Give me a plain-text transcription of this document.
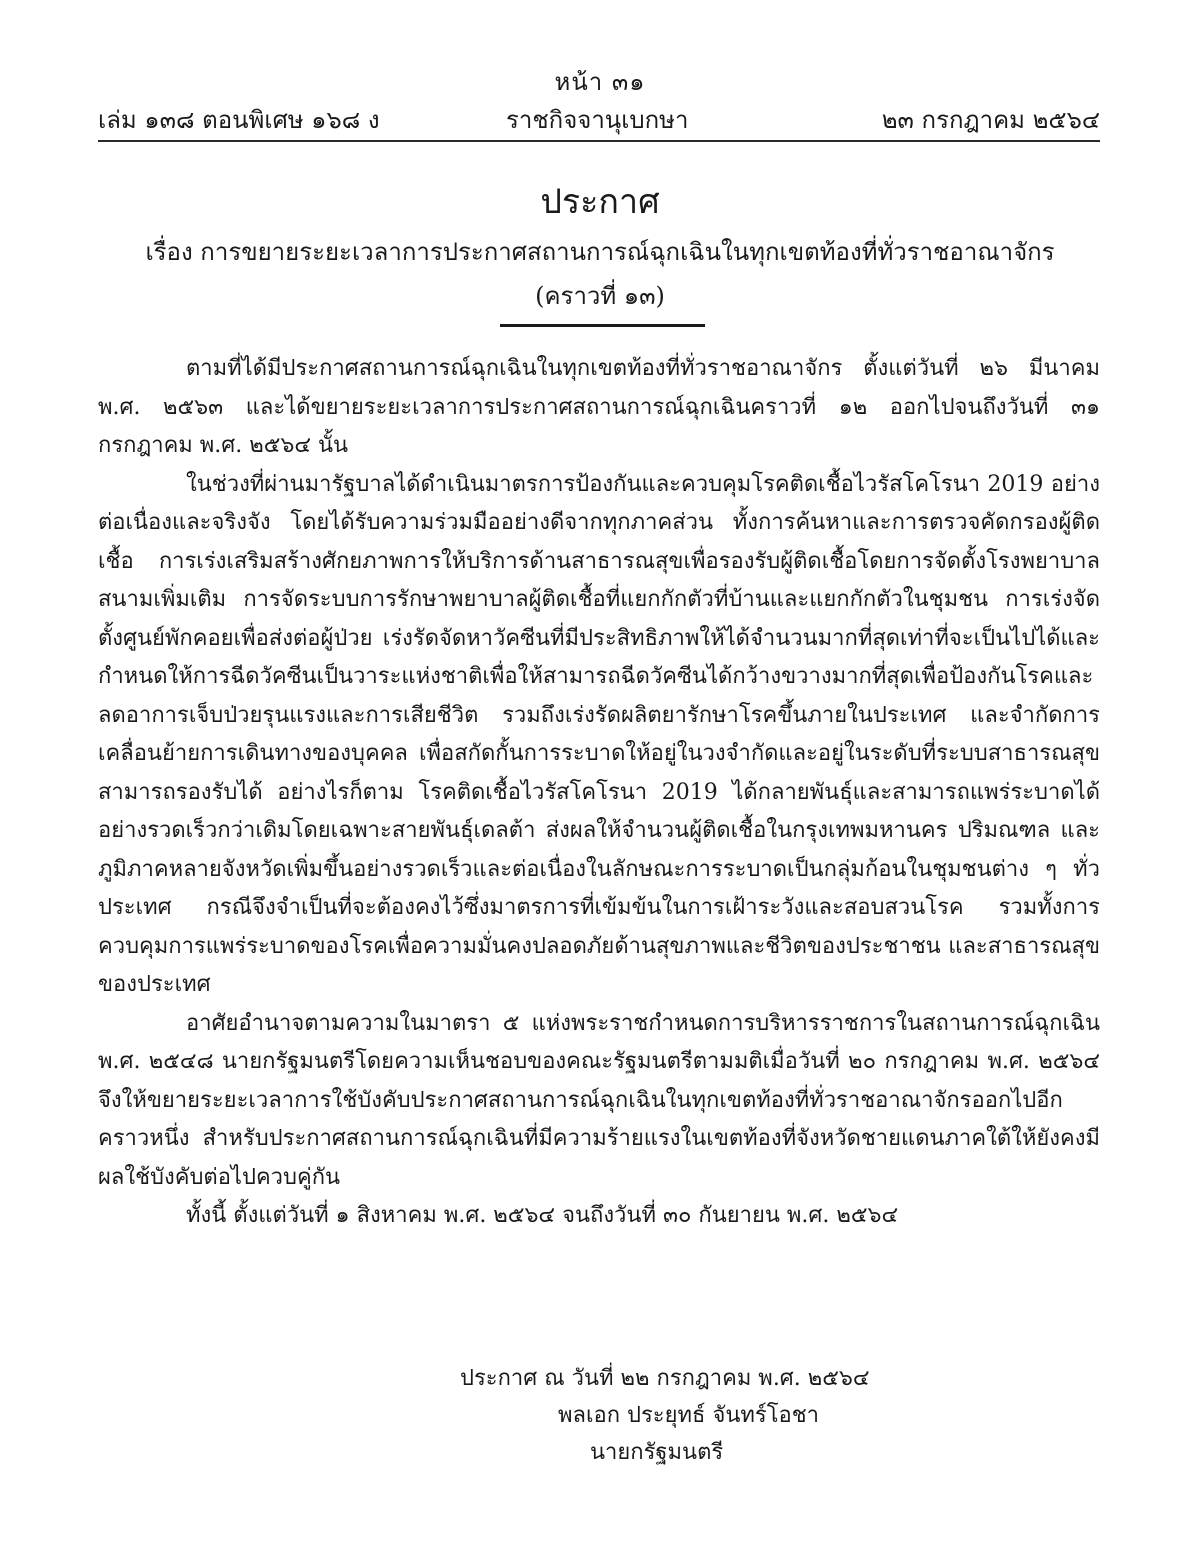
หน้า ๓๑
เล่ม ๑๓๘ ตอนพิเศษ ๑๖๘ ง	ราชกิจจานุเบกษา	๒๓ กรกฎาคม ๒๕๖๔
ประกาศ
เรื่อง การขยายระยะเวลาการประกาศสถานการณ์ฉุกเฉินในทุกเขตท้องที่ทั่วราชอาณาจักร
(คราวที่ ๑๓)

ตามที่ได้มีประกาศสถานการณ์ฉุกเฉินในทุกเขตท้องที่ทั่วราชอาณาจักร ตั้งแต่วันที่ ๒๖ มีนาคม พ.ศ. ๒๕๖๓ และได้ขยายระยะเวลาการประกาศสถานการณ์ฉุกเฉินคราวที่ ๑๒ ออกไปจนถึงวันที่ ๓๑ กรกฎาคม พ.ศ. ๒๕๖๔ นั้น

ในช่วงที่ผ่านมารัฐบาลได้ดำเนินมาตรการป้องกันและควบคุมโรคติดเชื้อไวรัสโคโรนา 2019 อย่างต่อเนื่องและจริงจัง โดยได้รับความร่วมมืออย่างดีจากทุกภาคส่วน ทั้งการค้นหาและการตรวจคัดกรองผู้ติดเชื้อ การเร่งเสริมสร้างศักยภาพการให้บริการด้านสาธารณสุขเพื่อรองรับผู้ติดเชื้อโดยการจัดตั้งโรงพยาบาลสนามเพิ่มเติม การจัดระบบการรักษาพยาบาลผู้ติดเชื้อที่แยกกักตัวที่บ้านและแยกกักตัวในชุมชน การเร่งจัดตั้งศูนย์พักคอยเพื่อส่งต่อผู้ป่วย เร่งรัดจัดหาวัคซีนที่มีประสิทธิภาพให้ได้จำนวนมากที่สุดเท่าที่จะเป็นไปได้และกำหนดให้การฉีดวัคซีนเป็นวาระแห่งชาติเพื่อให้สามารถฉีดวัคซีนได้กว้างขวางมากที่สุดเพื่อป้องกันโรคและลดอาการเจ็บป่วยรุนแรงและการเสียชีวิต รวมถึงเร่งรัดผลิตยารักษาโรคขึ้นภายในประเทศ และจำกัดการเคลื่อนย้ายการเดินทางของบุคคล เพื่อสกัดกั้นการระบาดให้อยู่ในวงจำกัดและอยู่ในระดับที่ระบบสาธารณสุขสามารถรองรับได้ อย่างไรก็ตาม โรคติดเชื้อไวรัสโคโรนา 2019 ได้กลายพันธุ์และสามารถแพร่ระบาดได้อย่างรวดเร็วกว่าเดิมโดยเฉพาะสายพันธุ์เดลต้า ส่งผลให้จำนวนผู้ติดเชื้อในกรุงเทพมหานคร ปริมณฑล และภูมิภาคหลายจังหวัดเพิ่มขึ้นอย่างรวดเร็วและต่อเนื่องในลักษณะการระบาดเป็นกลุ่มก้อนในชุมชนต่าง ๆ ทั่วประเทศ กรณีจึงจำเป็นที่จะต้องคงไว้ซึ่งมาตรการที่เข้มข้นในการเฝ้าระวังและสอบสวนโรค รวมทั้งการควบคุมการแพร่ระบาดของโรคเพื่อความมั่นคงปลอดภัยด้านสุขภาพและชีวิตของประชาชน และสาธารณสุขของประเทศ

อาศัยอำนาจตามความในมาตรา ๕ แห่งพระราชกำหนดการบริหารราชการในสถานการณ์ฉุกเฉิน พ.ศ. ๒๕๔๘ นายกรัฐมนตรีโดยความเห็นชอบของคณะรัฐมนตรีตามมติเมื่อวันที่ ๒๐ กรกฎาคม พ.ศ. ๒๕๖๔ จึงให้ขยายระยะเวลาการใช้บังคับประกาศสถานการณ์ฉุกเฉินในทุกเขตท้องที่ทั่วราชอาณาจักรออกไปอีกคราวหนึ่ง สำหรับประกาศสถานการณ์ฉุกเฉินที่มีความร้ายแรงในเขตท้องที่จังหวัดชายแดนภาคใต้ให้ยังคงมีผลใช้บังคับต่อไปควบคู่กัน

ทั้งนี้ ตั้งแต่วันที่ ๑ สิงหาคม พ.ศ. ๒๕๖๔ จนถึงวันที่ ๓๐ กันยายน พ.ศ. ๒๕๖๔

ประกาศ ณ วันที่ ๒๒ กรกฎาคม พ.ศ. ๒๕๖๔
พลเอก ประยุทธ์ จันทร์โอชา
นายกรัฐมนตรี
